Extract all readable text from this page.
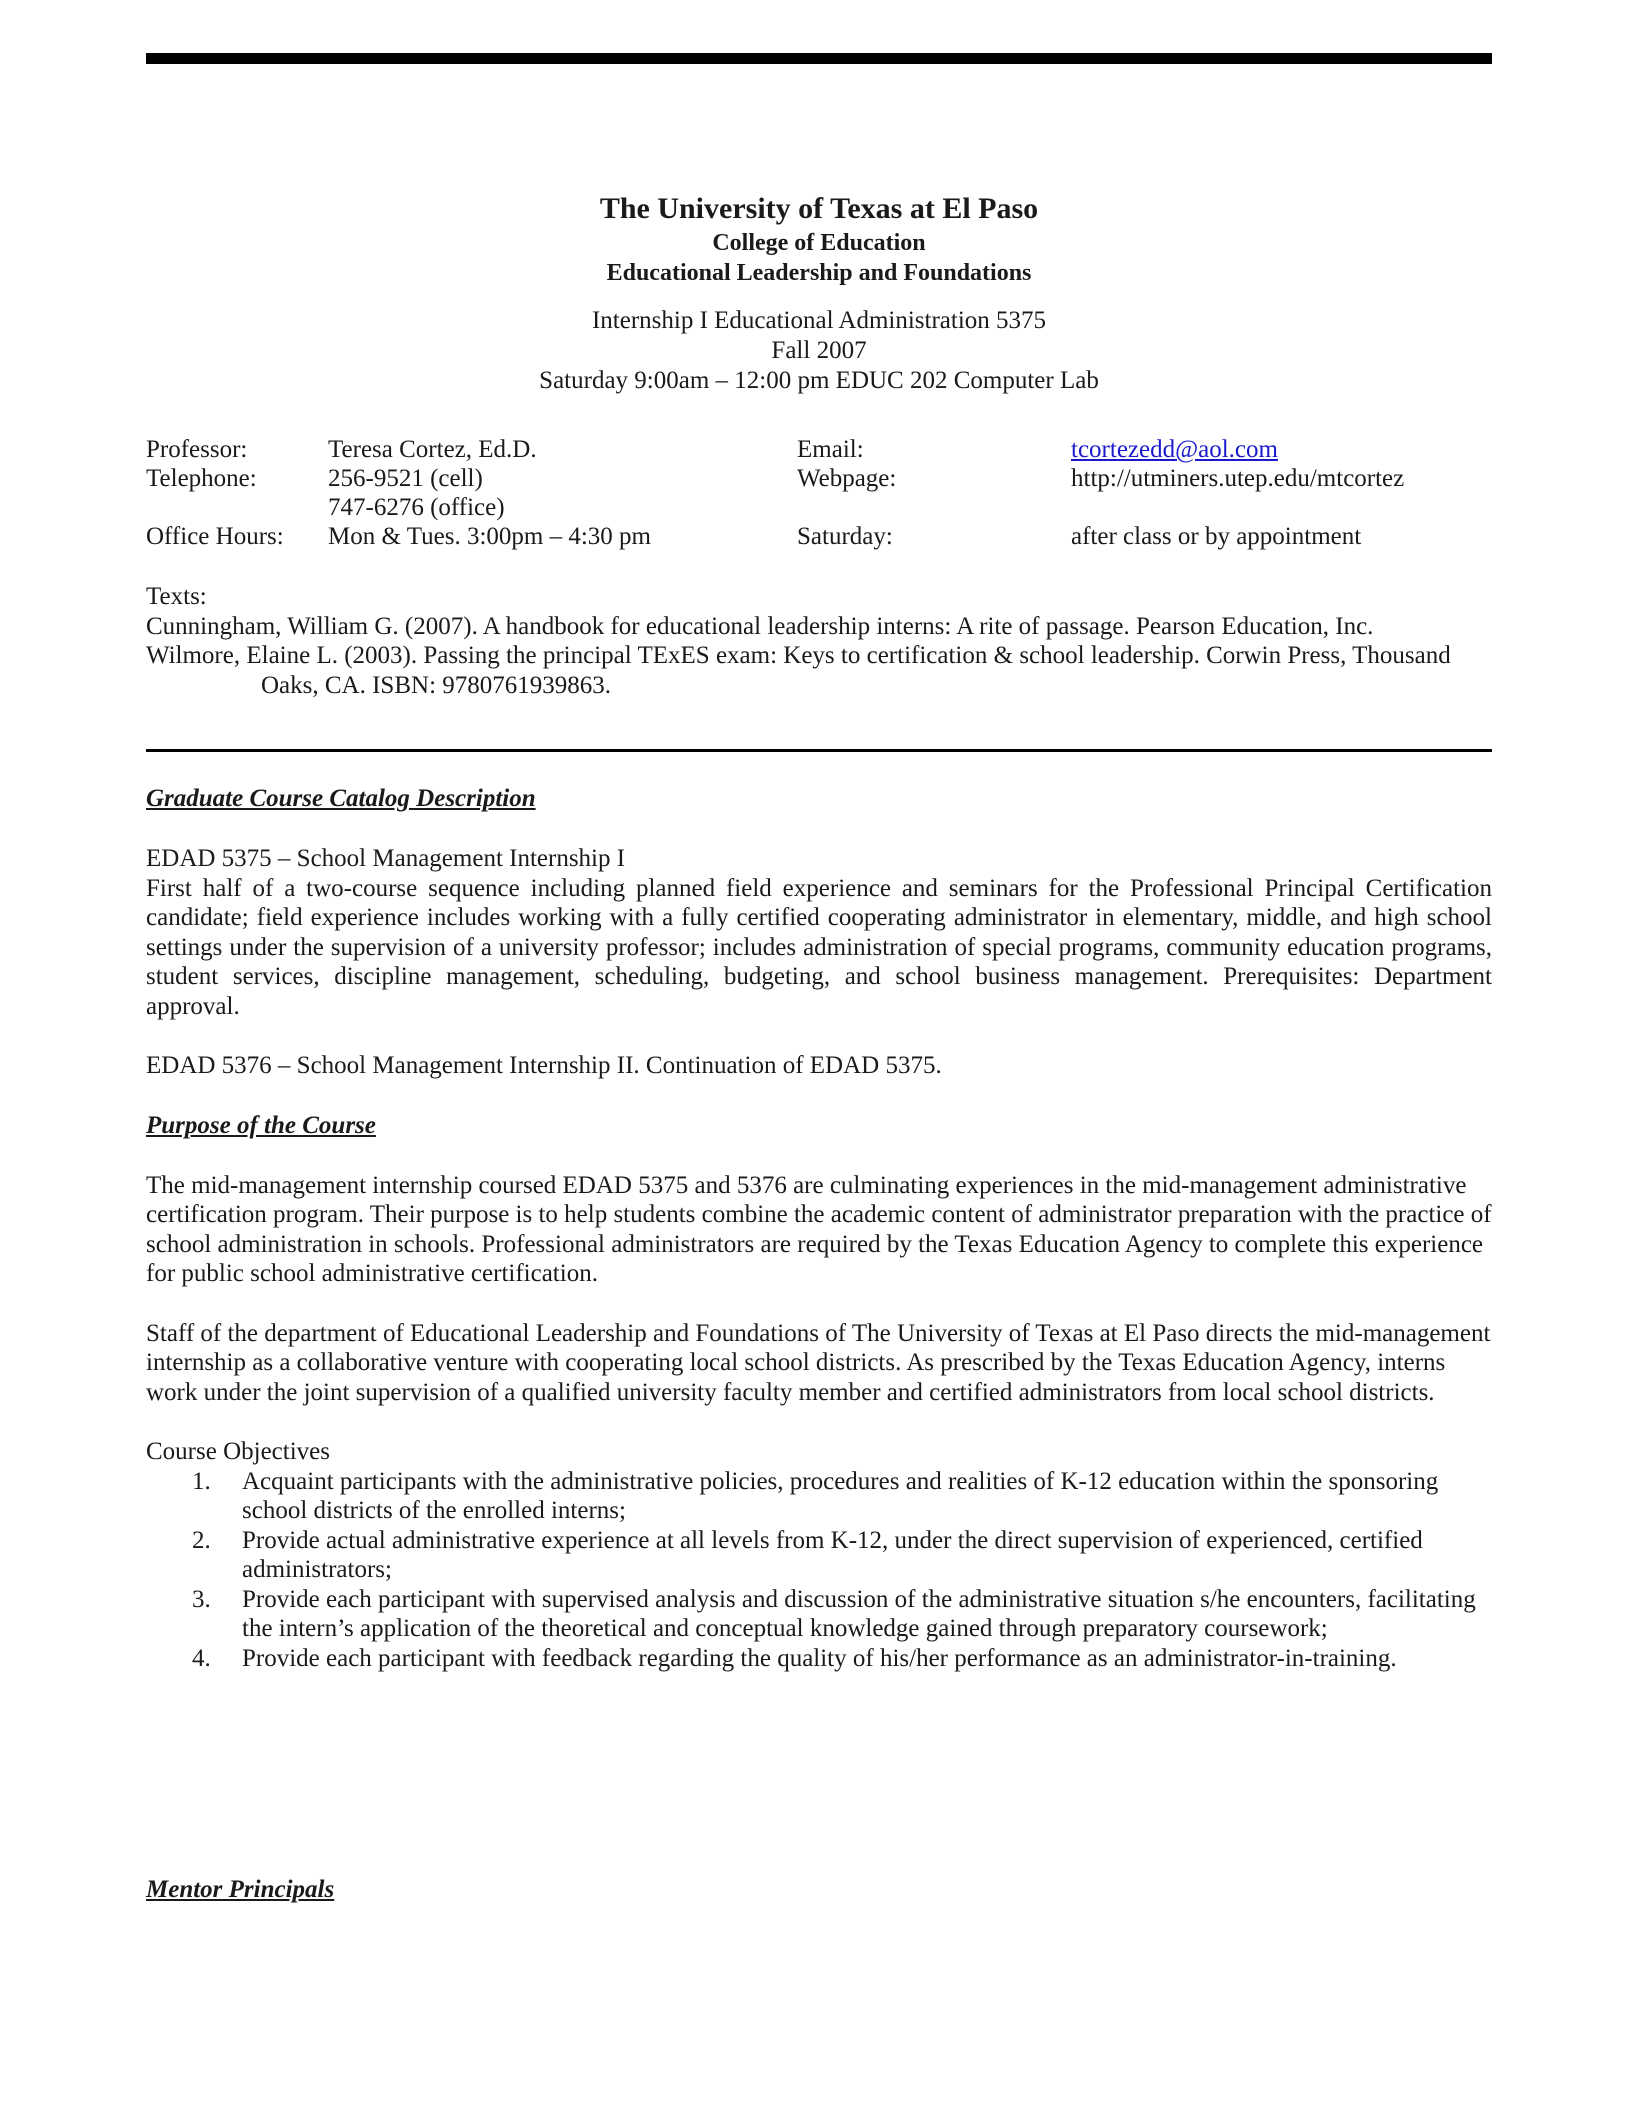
The University of Texas at El Paso
College of Education
Educational Leadership and Foundations
Internship I Educational Administration 5375
Fall 2007
Saturday 9:00am – 12:00 pm EDUC 202 Computer Lab
Professor:	Teresa Cortez, Ed.D.	Email:	tcortezedd@aol.com
Telephone:	256-9521 (cell)	Webpage:	http://utminers.utep.edu/mtcortez
747-6276 (office)
Office Hours: Mon & Tues. 3:00pm – 4:30 pm	Saturday:	after class or by appointment
Texts:
Cunningham, William G. (2007). A handbook for educational leadership interns: A rite of passage. Pearson Education, Inc.
Wilmore, Elaine L. (2003). Passing the principal TExES exam: Keys to certification & school leadership. Corwin Press, Thousand Oaks, CA. ISBN: 9780761939863.
Graduate Course Catalog Description
EDAD 5375 – School Management Internship I
First half of a two-course sequence including planned field experience and seminars for the Professional Principal Certification candidate; field experience includes working with a fully certified cooperating administrator in elementary, middle, and high school settings under the supervision of a university professor; includes administration of special programs, community education programs, student services, discipline management, scheduling, budgeting, and school business management. Prerequisites: Department approval.
EDAD 5376 – School Management Internship II. Continuation of EDAD 5375.
Purpose of the Course
The mid-management internship coursed EDAD 5375 and 5376 are culminating experiences in the mid-management administrative certification program. Their purpose is to help students combine the academic content of administrator preparation with the practice of school administration in schools. Professional administrators are required by the Texas Education Agency to complete this experience for public school administrative certification.
Staff of the department of Educational Leadership and Foundations of The University of Texas at El Paso directs the mid-management internship as a collaborative venture with cooperating local school districts. As prescribed by the Texas Education Agency, interns work under the joint supervision of a qualified university faculty member and certified administrators from local school districts.
Course Objectives
1. Acquaint participants with the administrative policies, procedures and realities of K-12 education within the sponsoring school districts of the enrolled interns;
2. Provide actual administrative experience at all levels from K-12, under the direct supervision of experienced, certified administrators;
3. Provide each participant with supervised analysis and discussion of the administrative situation s/he encounters, facilitating the intern’s application of the theoretical and conceptual knowledge gained through preparatory coursework;
4. Provide each participant with feedback regarding the quality of his/her performance as an administrator-in-training.
Mentor Principals
